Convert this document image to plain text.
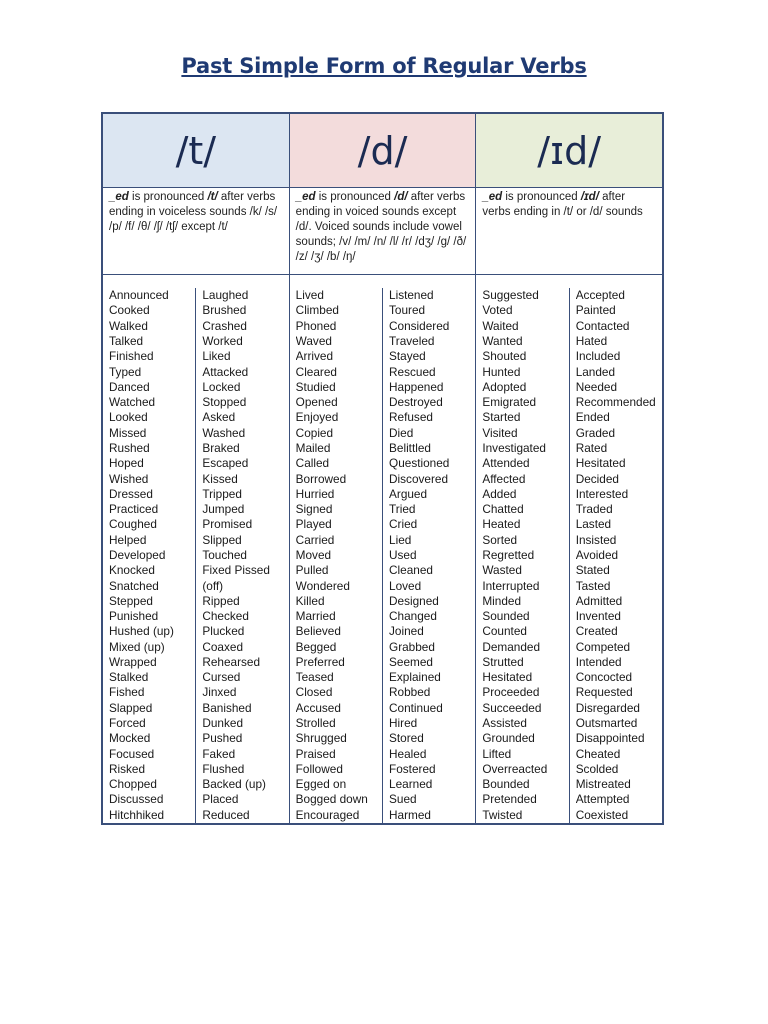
Past Simple Form of Regular Verbs
/t/
_ed is pronounced /t/ after verbs ending in voiceless sounds /k/ /s/ /p/ /f/ /θ/ /ʃ/ /tʃ/ except /t/
Announced
Cooked
Walked
Talked
Finished
Typed
Danced
Watched
Looked
Missed
Rushed
Hoped
Wished
Dressed
Practiced
Coughed
Helped
Developed
Knocked
Snatched
Stepped
Punished
Hushed (up)
Mixed (up)
Wrapped
Stalked
Fished
Slapped
Forced
Mocked
Focused
Risked
Chopped
Discussed
Hitchhiked
Laughed
Brushed
Crashed
Worked
Liked
Attacked
Locked
Stopped
Asked
Washed
Braked
Escaped
Kissed
Tripped
Jumped
Promised
Slipped
Touched
Fixed Pissed
(off)
Ripped
Checked
Plucked
Coaxed
Rehearsed
Cursed
Jinxed
Banished
Dunked
Pushed
Faked
Flushed
Backed (up)
Placed
Reduced
/d/
_ed is pronounced /d/ after verbs ending in voiced sounds except /d/. Voiced sounds include vowel sounds; /v/ /m/ /n/ /l/ /r/ /dʒ/ /g/ /ð/ /z/ /ʒ/ /b/ /ŋ/
Lived
Climbed
Phoned
Waved
Arrived
Cleared
Studied
Opened
Enjoyed
Copied
Mailed
Called
Borrowed
Hurried
Signed
Played
Carried
Moved
Pulled
Wondered
Killed
Married
Believed
Begged
Preferred
Teased
Closed
Accused
Strolled
Shrugged
Praised
Followed
Egged on
Bogged down
Encouraged
Listened
Toured
Considered
Traveled
Stayed
Rescued
Happened
Destroyed
Refused
Died
Belittled
Questioned
Discovered
Argued
Tried
Cried
Lied
Used
Cleaned
Loved
Designed
Changed
Joined
Grabbed
Seemed
Explained
Robbed
Continued
Hired
Stored
Healed
Fostered
Learned
Sued
Harmed
/ɪd/
_ed is pronounced /ɪd/ after verbs ending in /t/ or /d/ sounds
Suggested
Voted
Waited
Wanted
Shouted
Hunted
Adopted
Emigrated
Started
Visited
Investigated
Attended
Affected
Added
Chatted
Heated
Sorted
Regretted
Wasted
Interrupted
Minded
Sounded
Counted
Demanded
Strutted
Hesitated
Proceeded
Succeeded
Assisted
Grounded
Lifted
Overreacted
Bounded
Pretended
Twisted
Accepted
Painted
Contacted
Hated
Included
Landed
Needed
Recommended
Ended
Graded
Rated
Hesitated
Decided
Interested
Traded
Lasted
Insisted
Avoided
Stated
Tasted
Admitted
Invented
Created
Competed
Intended
Concocted
Requested
Disregarded
Outsmarted
Disappointed
Cheated
Scolded
Mistreated
Attempted
Coexisted
